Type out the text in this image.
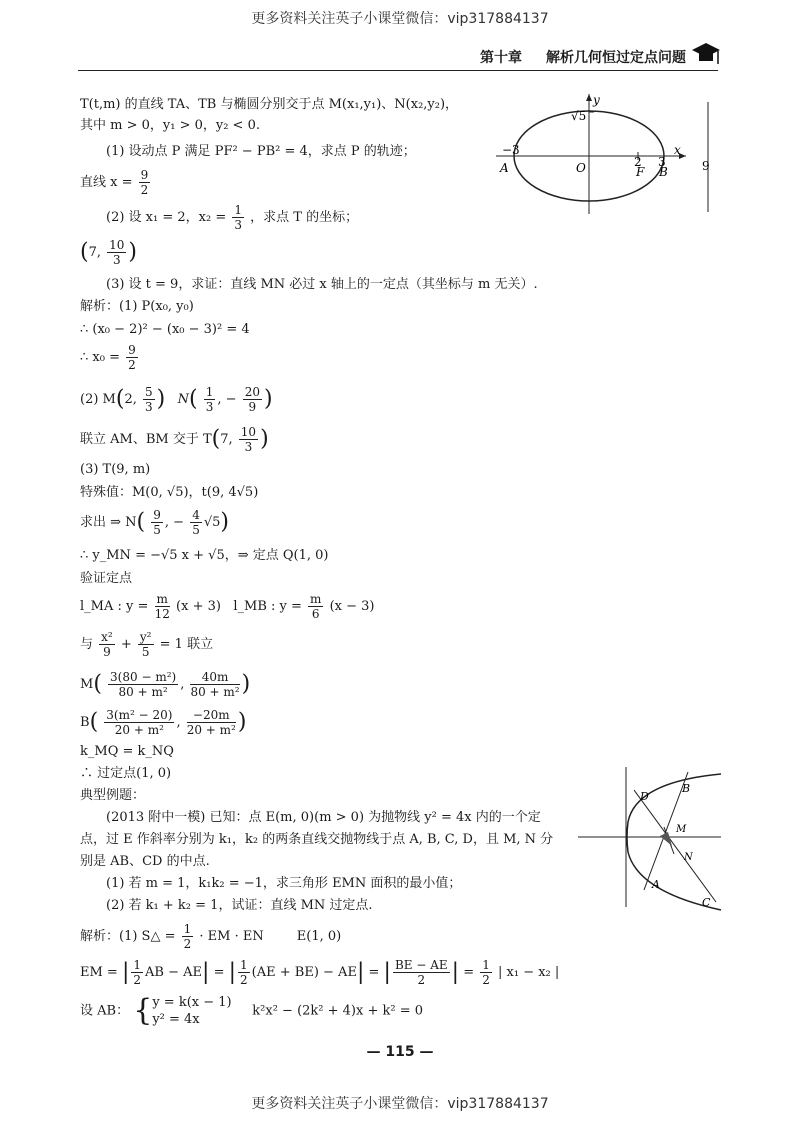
更多资料关注英子小课堂微信：vip317884137
第十章 解析几何恒过定点问题
√5
y
−3
A	O	2
F
3
B
x
9
D
B
M
N
A
C
T(t,m) 的直线 TA、TB 与椭圆分别交于点 M(x₁,y₁)、N(x₂,y₂)，
其中 m > 0，y₁ > 0，y₂ < 0.
(1) 设动点 P 满足 PF² − PB² = 4，求点 P 的轨迹；
直线 $x = \frac{9}{2}$
(2) 设 x₁ = 2，$x_2 = \frac{1}{3}$ ，求点 T 的坐标；
(7, $\frac{10}{3}$ )
(3) 设 t = 9，求证：直线 MN 必过 x 轴上的一定点（其坐标与 m 无关）.
解析：(1) P(x₀, y₀)
∴ (x₀ − 2)² − (x₀ − 3)² = 4
∴ $x_0 = \frac{9}{2}$
(2) M(2, $\frac{5}{3}$ ) $N( \frac{1}{3}$ , − $\frac{20}{9}$ )
联立 AM、BM 交于 T(7, $\frac{10}{3}$ )
(3) T(9, m)
特殊值：M(0, √5)，t(9, 4√5)
求出 ⇒ $N( \frac{9}{5}$ , − $\frac{4}{5} √5$)
∴ y_MN = −√5 x + √5，⇒ 定点 Q(1, 0)
验证定点
l_MA : $y = \frac{m}{12} (x + 3)$ l_MB : $y = \frac{m}{6} (x - 3)$
与 $\frac{\text{x²}}{9} + \frac{\text{y²}}{5} = 1$ 联立
$M( \frac{\text{3(80 − m²)}}{\text{80 + m²}}$ , $\frac{40m}{\text{80 + m²}}$ )
$B( \frac{\text{3(m² − 20)}}{\text{20 + m²}}$ , $\frac{-20m}{\text{20 + m²}}$ )
k_MQ = k_NQ
∴ 过定点(1, 0)
典型例题：
(2013 附中一模) 已知：点 E(m, 0)(m > 0) 为抛物线 y² = 4x 内的一个定
点，过 E 作斜率分别为 k₁，k₂ 的两条直线交抛物线于点 A, B, C, D，且 M, N 分
别是 AB、CD 的中点.
(1) 若 m = 1，k₁k₂ = −1，求三角形 EMN 面积的最小值；
(2) 若 k₁ + k₂ = 1，试证：直线 MN 过定点.
解析：(1) S△ = $\frac{1}{2}$ · EM · EN	E(1, 0)
EM = | $\frac{1}{2}$ AB − AE| = | $\frac{1}{2} (AE + BE) - AE|$ = | $\frac{BE - AE}{2}$ | = $\frac{1}{2}$ | x₁ − x₂ |
设 AB： {y = k(x − 1)
y² = 4x     k²x² − (2k² + 4)x + k² = 0
— 115 —
更多资料关注英子小课堂微信：vip317884137
